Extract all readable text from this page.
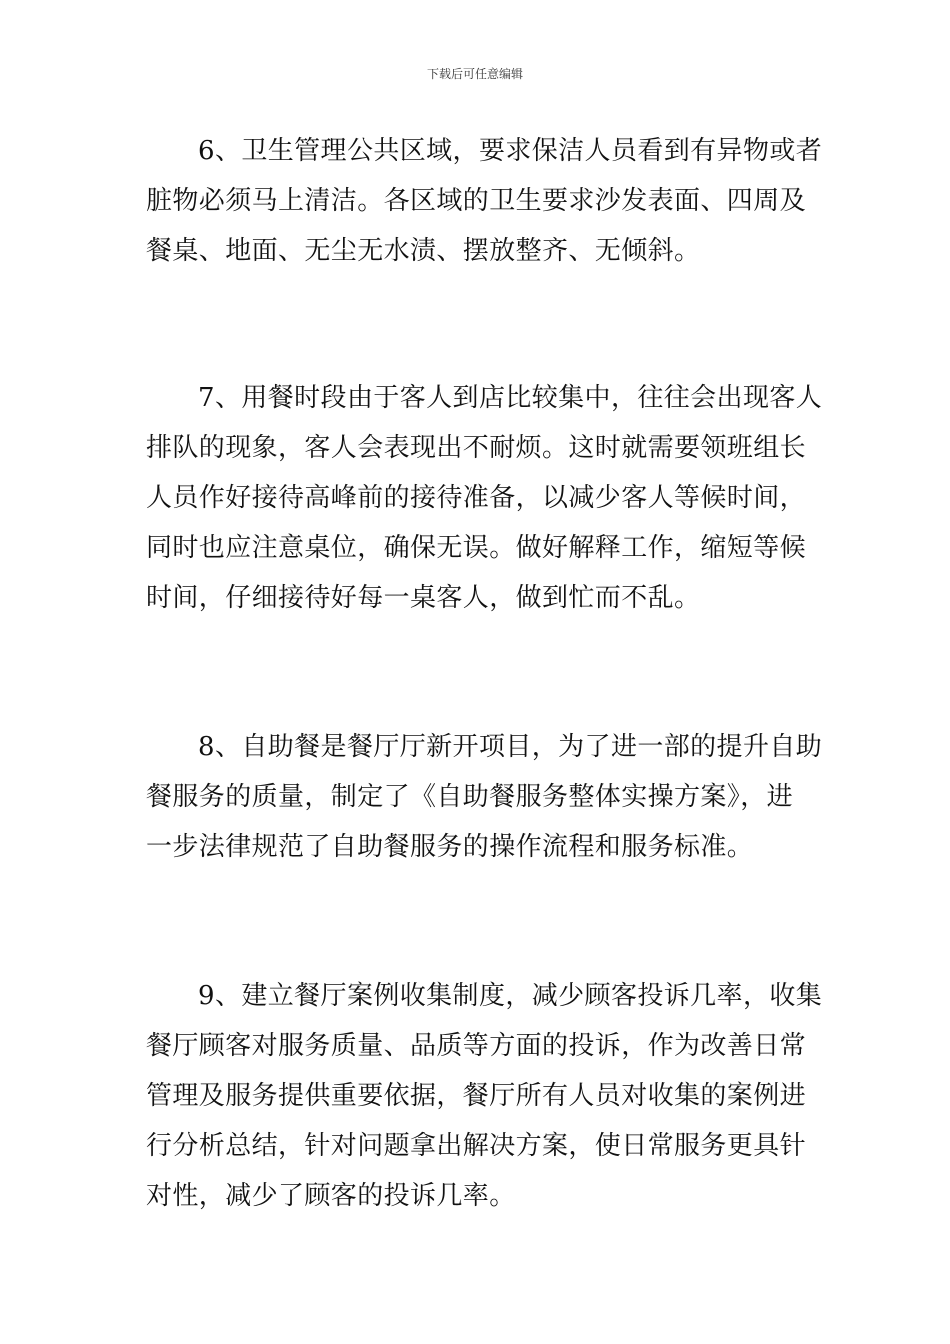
下载后可任意编辑
6、卫生管理公共区域，要求保洁人员看到有异物或者
脏物必须马上清洁。各区域的卫生要求沙发表面、四周及
餐桌、地面、无尘无水渍、摆放整齐、无倾斜。
7、用餐时段由于客人到店比较集中，往往会出现客人
排队的现象，客人会表现出不耐烦。这时就需要领班组长
人员作好接待高峰前的接待准备，以减少客人等候时间，
同时也应注意桌位，确保无误。做好解释工作，缩短等候
时间，仔细接待好每一桌客人，做到忙而不乱。
8、自助餐是餐厅厅新开项目，为了进一部的提升自助
餐服务的质量，制定了《自助餐服务整体实操方案》，进
一步法律规范了自助餐服务的操作流程和服务标准。
9、建立餐厅案例收集制度，减少顾客投诉几率，收集
餐厅顾客对服务质量、品质等方面的投诉，作为改善日常
管理及服务提供重要依据，餐厅所有人员对收集的案例进
行分析总结，针对问题拿出解决方案，使日常服务更具针
对性，减少了顾客的投诉几率。
